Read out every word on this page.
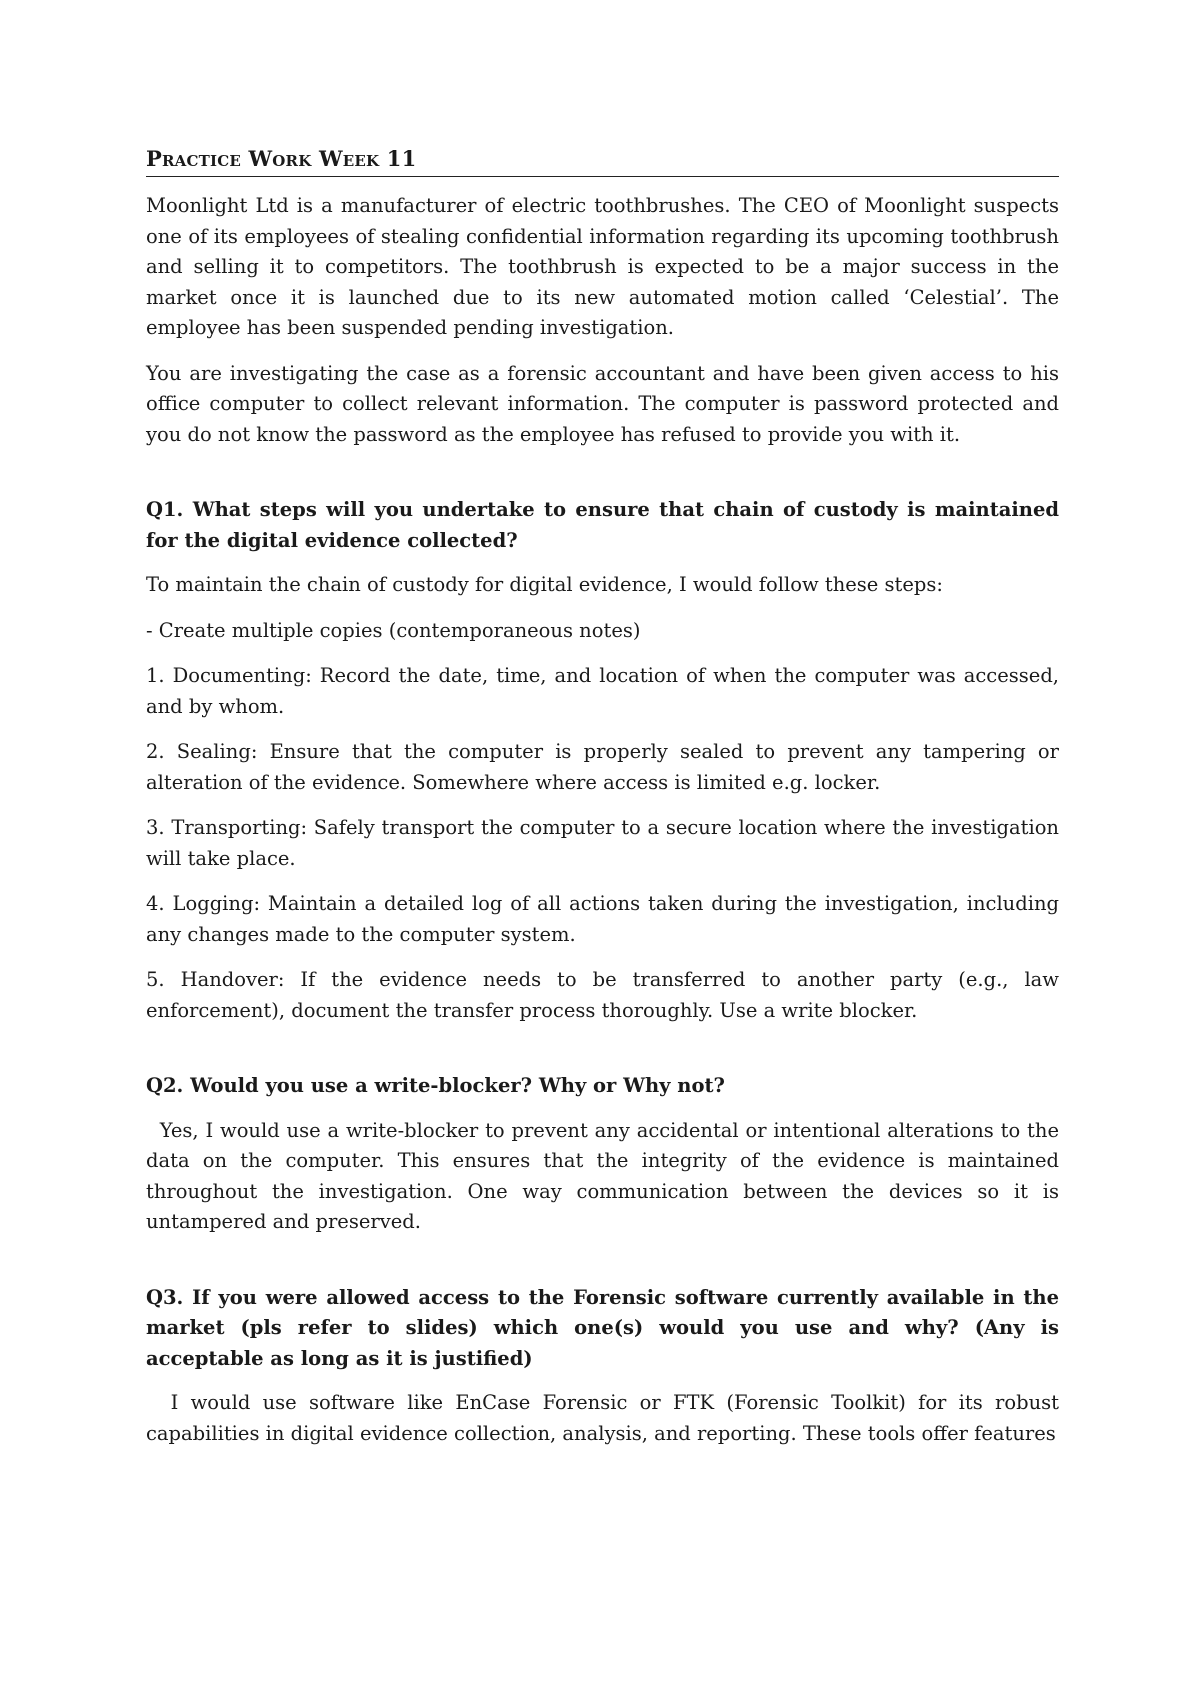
Practice Work Week 11

Moonlight Ltd is a manufacturer of electric toothbrushes. The CEO of Moonlight suspects one of its employees of stealing confidential information regarding its upcoming toothbrush and selling it to competitors. The toothbrush is expected to be a major success in the market once it is launched due to its new automated motion called ‘Celestial’. The employee has been suspended pending investigation.

You are investigating the case as a forensic accountant and have been given access to his office computer to collect relevant information. The computer is password protected and you do not know the password as the employee has refused to provide you with it.

Q1. What steps will you undertake to ensure that chain of custody is maintained for the digital evidence collected?

To maintain the chain of custody for digital evidence, I would follow these steps:

- Create multiple copies (contemporaneous notes)

1. Documenting: Record the date, time, and location of when the computer was accessed, and by whom.

2. Sealing: Ensure that the computer is properly sealed to prevent any tampering or alteration of the evidence. Somewhere where access is limited e.g. locker.

3. Transporting: Safely transport the computer to a secure location where the investigation will take place.

4. Logging: Maintain a detailed log of all actions taken during the investigation, including any changes made to the computer system.

5. Handover: If the evidence needs to be transferred to another party (e.g., law enforcement), document the transfer process thoroughly. Use a write blocker.

Q2. Would you use a write-blocker? Why or Why not?

Yes, I would use a write-blocker to prevent any accidental or intentional alterations to the data on the computer. This ensures that the integrity of the evidence is maintained throughout the investigation. One way communication between the devices so it is untampered and preserved.

Q3. If you were allowed access to the Forensic software currently available in the market (pls refer to slides) which one(s) would you use and why? (Any is acceptable as long as it is justified)

I would use software like EnCase Forensic or FTK (Forensic Toolkit) for its robust capabilities in digital evidence collection, analysis, and reporting. These tools offer features
